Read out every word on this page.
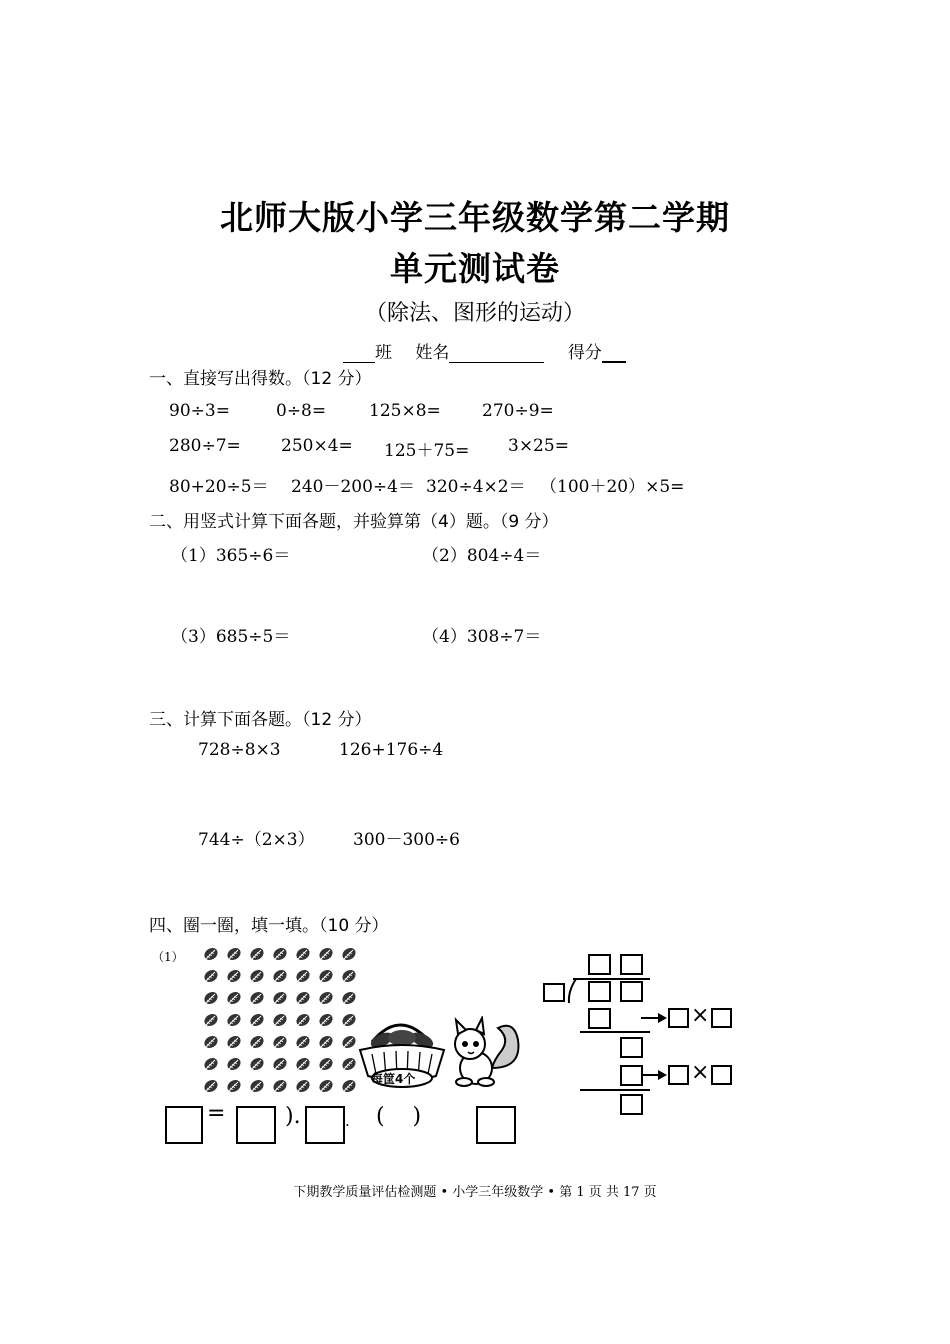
北师大版小学三年级数学第二学期
单元测试卷
（除法、图形的运动）
班 姓名	得分
一、直接写出得数。（12 分）
90÷3=	0÷8=	125×8= 270÷9=
280÷7= 250×4= 125＋75= 3×25=
80+20÷5＝ 240－200÷4＝ 320÷4×2＝ （100＋20）×5=
二、用竖式计算下面各题，并验算第（4）题。（9 分）
（1）365÷6＝	（2）804÷4＝
（3）685÷5＝	（4）308÷7＝
三、计算下面各题。（12 分）
728÷8×3	126+176÷4
744÷（2×3） 300－300÷6
四、圈一圈，填一填。（10 分）
（1）
每筐4个
×
×
=	).	. (    )
下期教学质量评估检测题 • 小学三年级数学 • 第 1 页 共 17 页
